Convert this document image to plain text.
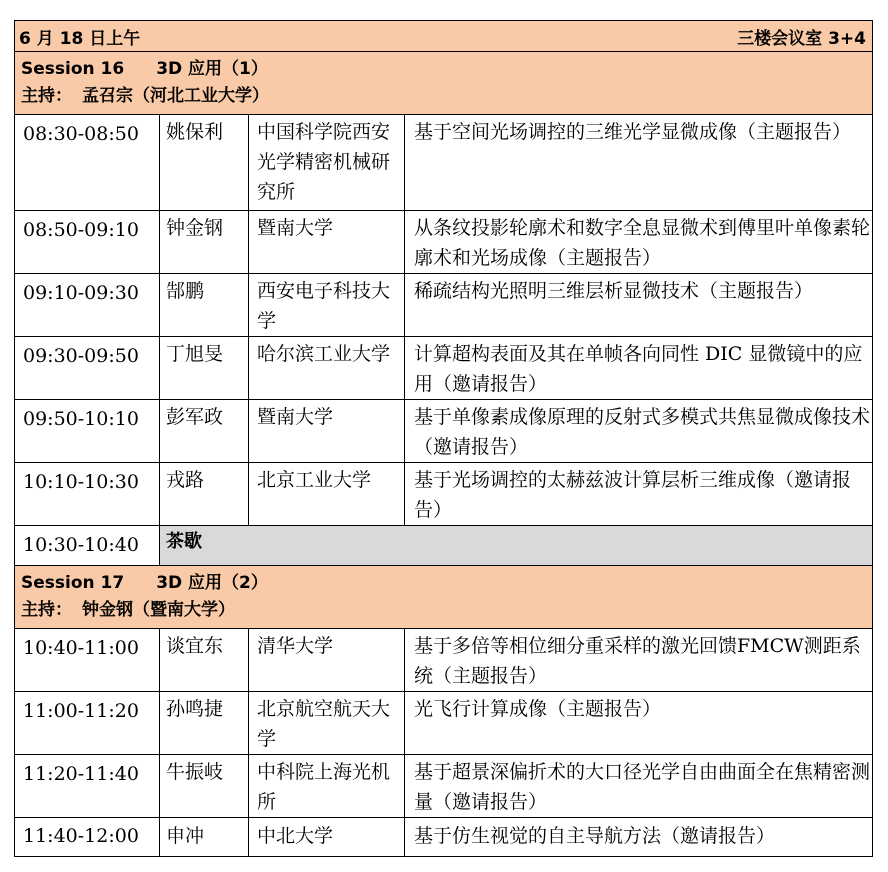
6 月 18 日上午 三楼会议室 3+4			

Session 16 3D 应用（1）
主持： 孟召宗（河北工业大学）			

08:30-08:50	姚保利	中国科学院西安光学精密机械研究所	基于空间光场调控的三维光学显微成像（主题报告）
08:50-09:10	钟金钢	暨南大学	从条纹投影轮廓术和数字全息显微术到傅里叶单像素轮廓术和光场成像（主题报告）
09:10-09:30	郜鹏	西安电子科技大学	稀疏结构光照明三维层析显微技术（主题报告）
09:30-09:50	丁旭旻	哈尔滨工业大学	计算超构表面及其在单帧各向同性 DIC 显微镜中的应用（邀请报告）
09:50-10:10	彭军政	暨南大学	基于单像素成像原理的反射式多模式共焦显微成像技术（邀请报告）
10:10-10:30	戎路	北京工业大学	基于光场调控的太赫兹波计算层析三维成像（邀请报告）
10:30-10:40	茶歇		

Session 17 3D 应用（2）
主持： 钟金钢（暨南大学）			

10:40-11:00	谈宜东	清华大学	基于多倍等相位细分重采样的激光回馈FMCW测距系统（主题报告）
11:00-11:20	孙鸣捷	北京航空航天大学	光飞行计算成像（主题报告）
11:20-11:40	牛振岐	中科院上海光机所	基于超景深偏折术的大口径光学自由曲面全在焦精密测量（邀请报告）
11:40-12:00	申冲	中北大学	基于仿生视觉的自主导航方法（邀请报告）
